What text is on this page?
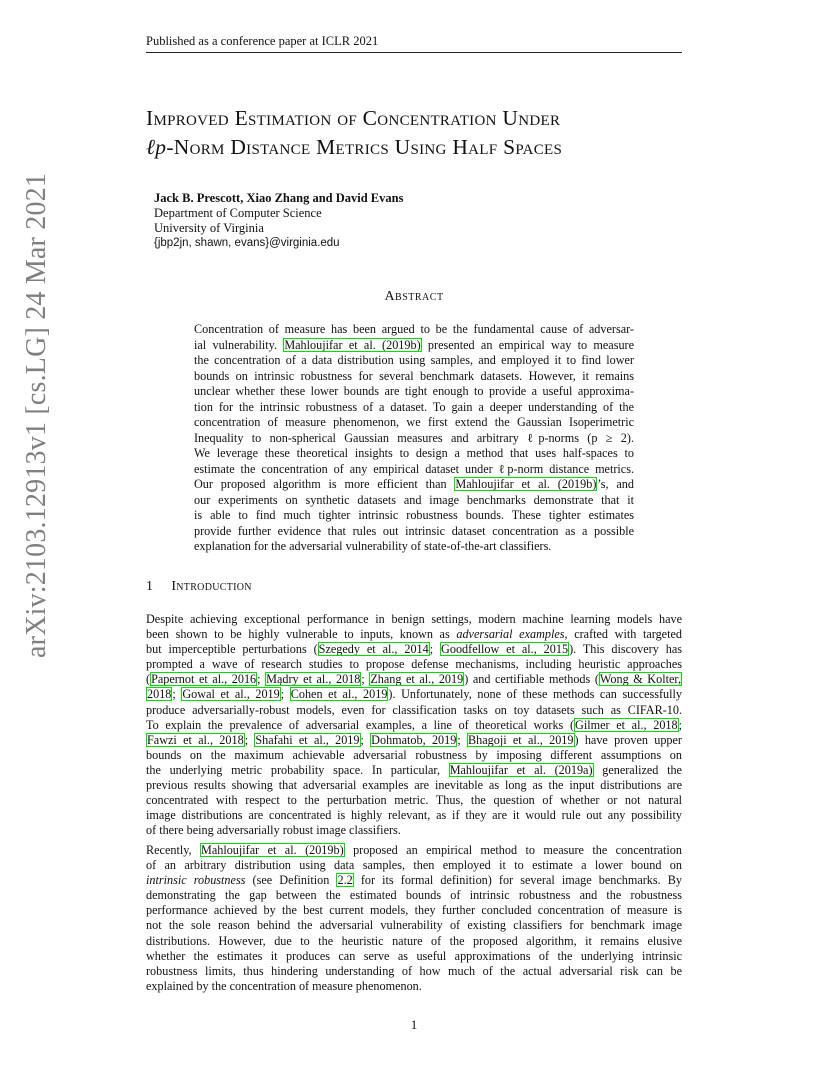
Published as a conference paper at ICLR 2021
arXiv:2103.12913v1 [cs.LG] 24 Mar 2021
Improved Estimation of Concentration Under
ℓp-Norm Distance Metrics Using Half Spaces
Jack B. Prescott, Xiao Zhang and David Evans
Department of Computer Science
University of Virginia
{jbp2jn, shawn, evans}@virginia.edu
Abstract
Concentration of measure has been argued to be the fundamental cause of adversar-
ial vulnerability. Mahloujifar et al. (2019b) presented an empirical way to measure
the concentration of a data distribution using samples, and employed it to find lower
bounds on intrinsic robustness for several benchmark datasets. However, it remains
unclear whether these lower bounds are tight enough to provide a useful approxima-
tion for the intrinsic robustness of a dataset. To gain a deeper understanding of the
concentration of measure phenomenon, we first extend the Gaussian Isoperimetric
Inequality to non-spherical Gaussian measures and arbitrary ℓp-norms (p ≥ 2).
We leverage these theoretical insights to design a method that uses half-spaces to
estimate the concentration of any empirical dataset under ℓp-norm distance metrics.
Our proposed algorithm is more efficient than Mahloujifar et al. (2019b)’s, and
our experiments on synthetic datasets and image benchmarks demonstrate that it
is able to find much tighter intrinsic robustness bounds. These tighter estimates
provide further evidence that rules out intrinsic dataset concentration as a possible
explanation for the adversarial vulnerability of state-of-the-art classifiers.
1 Introduction
Despite achieving exceptional performance in benign settings, modern machine learning models have
been shown to be highly vulnerable to inputs, known as adversarial examples, crafted with targeted
but imperceptible perturbations (Szegedy et al., 2014; Goodfellow et al., 2015). This discovery has
prompted a wave of research studies to propose defense mechanisms, including heuristic approaches
(Papernot et al., 2016; Mądry et al., 2018; Zhang et al., 2019) and certifiable methods (Wong & Kolter,
2018; Gowal et al., 2019; Cohen et al., 2019). Unfortunately, none of these methods can successfully
produce adversarially-robust models, even for classification tasks on toy datasets such as CIFAR-10.
To explain the prevalence of adversarial examples, a line of theoretical works (Gilmer et al., 2018;
Fawzi et al., 2018; Shafahi et al., 2019; Dohmatob, 2019; Bhagoji et al., 2019) have proven upper
bounds on the maximum achievable adversarial robustness by imposing different assumptions on
the underlying metric probability space. In particular, Mahloujifar et al. (2019a) generalized the
previous results showing that adversarial examples are inevitable as long as the input distributions are
concentrated with respect to the perturbation metric. Thus, the question of whether or not natural
image distributions are concentrated is highly relevant, as if they are it would rule out any possibility
of there being adversarially robust image classifiers.
Recently, Mahloujifar et al. (2019b) proposed an empirical method to measure the concentration
of an arbitrary distribution using data samples, then employed it to estimate a lower bound on
intrinsic robustness (see Definition 2.2 for its formal definition) for several image benchmarks. By
demonstrating the gap between the estimated bounds of intrinsic robustness and the robustness
performance achieved by the best current models, they further concluded concentration of measure is
not the sole reason behind the adversarial vulnerability of existing classifiers for benchmark image
distributions. However, due to the heuristic nature of the proposed algorithm, it remains elusive
whether the estimates it produces can serve as useful approximations of the underlying intrinsic
robustness limits, thus hindering understanding of how much of the actual adversarial risk can be
explained by the concentration of measure phenomenon.
1
